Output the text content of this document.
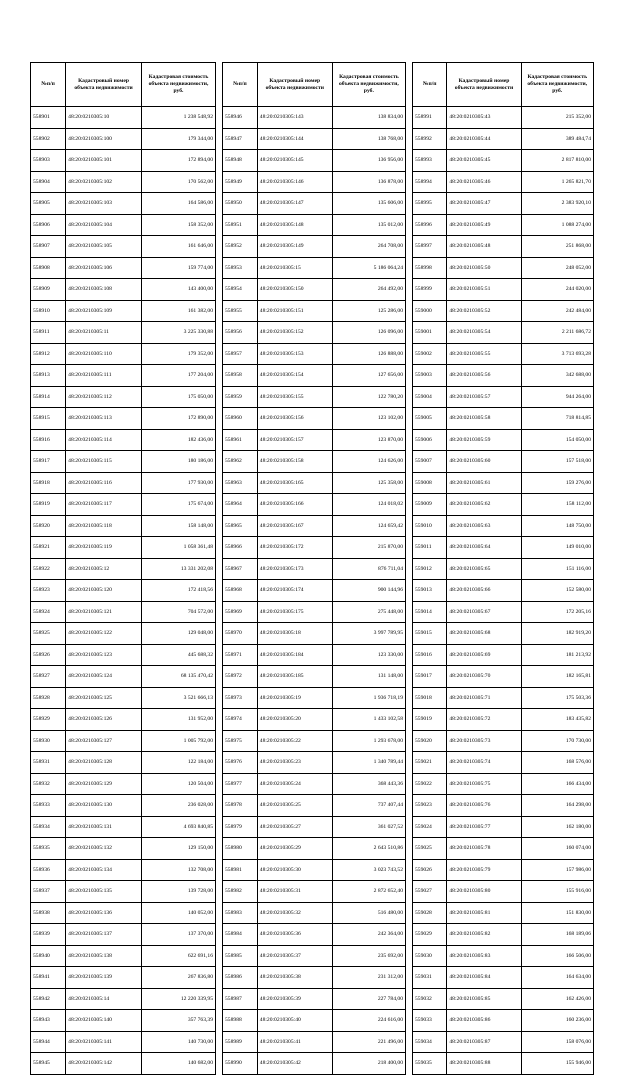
№п/п	Кадастровый номер объекта недвижимости	Кадастровая стоимость объекта недвижимости, руб.
558901	48:20:0210305:10	1 238 548,92
558902	48:20:0210305:100	179 344,00
558903	48:20:0210305:101	172 894,00
558904	48:20:0210305:102	170 562,00
558905	48:20:0210305:103	164 586,00
558906	48:20:0210305:104	158 352,00
558907	48:20:0210305:105	161 646,00
558908	48:20:0210305:106	159 774,00
558909	48:20:0210305:108	143 400,00
558910	48:20:0210305:109	161 382,00
558911	48:20:0210305:11	3 225 330,88
558912	48:20:0210305:110	179 352,00
558913	48:20:0210305:111	177 204,00
558914	48:20:0210305:112	175 050,00
558915	48:20:0210305:113	172 890,00
558916	48:20:0210305:114	182 436,00
558917	48:20:0210305:115	180 186,00
558918	48:20:0210305:116	177 930,00
558919	48:20:0210305:117	175 674,00
558920	48:20:0210305:118	158 148,00
558921	48:20:0210305:119	1 058 361,48
558922	48:20:0210305:12	13 331 202,08
558923	48:20:0210305:120	172 418,56
558924	48:20:0210305:121	704 572,00
558925	48:20:0210305:122	129 048,00
558926	48:20:0210305:123	445 688,32
558927	48:20:0210305:124	68 135 470,42
558928	48:20:0210305:125	3 521 666,13
558929	48:20:0210305:126	131 952,00
558930	48:20:0210305:127	1 005 792,00
558931	48:20:0210305:128	122 184,00
558932	48:20:0210305:129	120 504,00
558933	48:20:0210305:130	236 028,00
558934	48:20:0210305:131	4 693 840,85
558935	48:20:0210305:132	129 150,00
558936	48:20:0210305:134	132 708,00
558937	48:20:0210305:135	139 728,00
558938	48:20:0210305:136	140 052,00
558939	48:20:0210305:137	137 370,00
558940	48:20:0210305:138	622 691,16
558941	48:20:0210305:139	267 836,80
558942	48:20:0210305:14	12 220 339,95
558943	48:20:0210305:140	357 763,39
558944	48:20:0210305:141	140 730,00
558945	48:20:0210305:142	140 682,00
№п/п	Кадастровый номер объекта недвижимости	Кадастровая стоимость объекта недвижимости, руб.
558946	48:20:0210305:143	138 834,00
558947	48:20:0210305:144	138 768,00
558948	48:20:0210305:145	136 956,00
558949	48:20:0210305:146	136 878,00
558950	48:20:0210305:147	135 606,00
558951	48:20:0210305:148	135 012,00
558952	48:20:0210305:149	264 708,00
558953	48:20:0210305:15	5 186 064,24
558954	48:20:0210305:150	264 492,00
558955	48:20:0210305:151	125 286,00
558956	48:20:0210305:152	126 096,00
558957	48:20:0210305:153	126 888,00
558958	48:20:0210305:154	127 656,00
558959	48:20:0210305:155	122 780,20
558960	48:20:0210305:156	123 102,00
558961	48:20:0210305:157	123 870,00
558962	48:20:0210305:158	124 626,00
558963	48:20:0210305:165	125 358,00
558964	48:20:0210305:166	124 018,02
558965	48:20:0210305:167	124 659,42
558966	48:20:0210305:172	215 870,00
558967	48:20:0210305:173	876 711,04
558968	48:20:0210305:174	900 144,96
558969	48:20:0210305:175	275 448,00
558970	48:20:0210305:18	3 997 789,95
558971	48:20:0210305:184	123 330,00
558972	48:20:0210305:185	131 148,00
558973	48:20:0210305:19	1 936 718,19
558974	48:20:0210305:20	1 433 102,58
558975	48:20:0210305:22	1 293 678,00
558976	48:20:0210305:23	1 340 789,44
558977	48:20:0210305:24	368 443,36
558978	48:20:0210305:25	737 407,44
558979	48:20:0210305:27	361 027,52
558980	48:20:0210305:29	2 643 510,86
558981	48:20:0210305:30	3 023 743,52
558982	48:20:0210305:31	2 872 652,40
558983	48:20:0210305:32	516 480,00
558984	48:20:0210305:36	242 364,00
558985	48:20:0210305:37	235 692,00
558986	48:20:0210305:38	231 312,00
558987	48:20:0210305:39	227 784,00
558988	48:20:0210305:40	224 616,00
558989	48:20:0210305:41	221 496,00
558990	48:20:0210305:42	218 400,00
№п/п	Кадастровый номер объекта недвижимости	Кадастровая стоимость объекта недвижимости, руб.
558991	48:20:0210305:43	215 352,00
558992	48:20:0210305:44	389 484,74
558993	48:20:0210305:45	2 817 810,00
558994	48:20:0210305:46	1 265 821,70
558995	48:20:0210305:47	2 383 920,10
558996	48:20:0210305:49	1 088 274,00
558997	48:20:0210305:48	251 868,00
558998	48:20:0210305:50	248 052,00
558999	48:20:0210305:51	244 020,00
559000	48:20:0210305:52	242 484,00
559001	48:20:0210305:54	2 211 686,72
559002	48:20:0210305:55	3 713 693,28
559003	48:20:0210305:56	342 688,00
559004	48:20:0210305:57	944 264,00
559005	48:20:0210305:58	718 814,85
559006	48:20:0210305:59	154 050,00
559007	48:20:0210305:60	157 518,00
559008	48:20:0210305:61	159 276,00
559009	48:20:0210305:62	158 112,00
559010	48:20:0210305:63	148 750,00
559011	48:20:0210305:64	149 010,00
559012	48:20:0210305:65	151 116,00
559013	48:20:0210305:66	152 580,00
559014	48:20:0210305:67	172 205,16
559015	48:20:0210305:68	182 919,20
559016	48:20:0210305:69	181 213,92
559017	48:20:0210305:70	182 165,81
559018	48:20:0210305:71	175 503,36
559019	48:20:0210305:72	183 435,82
559020	48:20:0210305:73	170 730,00
559021	48:20:0210305:74	168 576,00
559022	48:20:0210305:75	166 434,00
559023	48:20:0210305:76	164 298,00
559024	48:20:0210305:77	162 180,00
559025	48:20:0210305:78	160 074,00
559026	48:20:0210305:79	157 986,00
559027	48:20:0210305:80	155 916,00
559028	48:20:0210305:81	151 830,00
559029	48:20:0210305:82	168 189,06
559030	48:20:0210305:83	166 506,00
559031	48:20:0210305:84	164 634,00
559032	48:20:0210305:85	162 426,00
559033	48:20:0210305:86	160 236,00
559034	48:20:0210305:87	158 076,00
559035	48:20:0210305:88	155 946,00
